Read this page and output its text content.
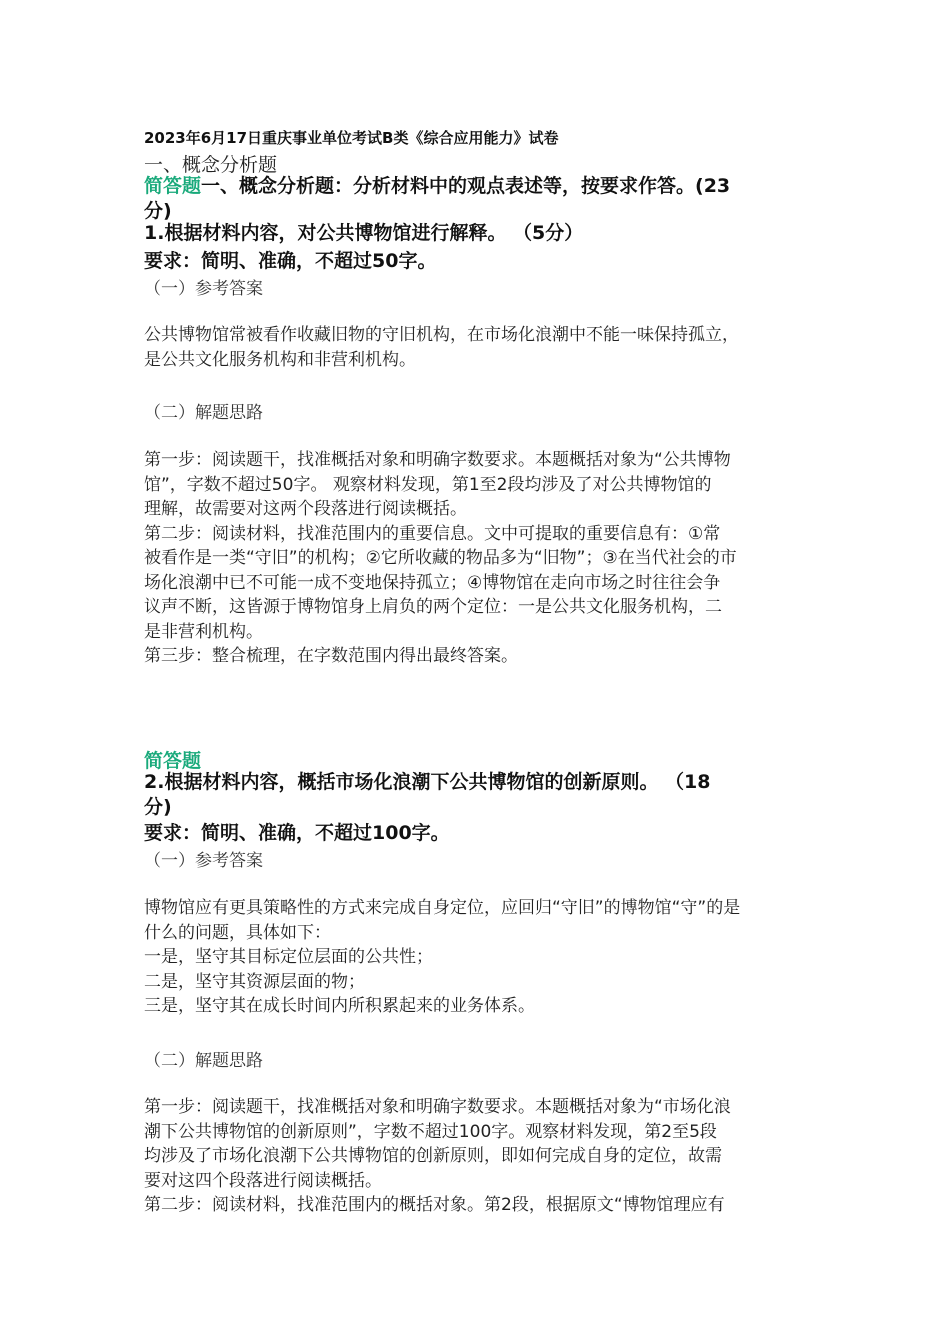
2023年6月17日重庆事业单位考试B类《综合应用能力》试卷
一、概念分析题
简答题一、概念分析题：分析材料中的观点表述等，按要求作答。(23
分)
1.根据材料内容，对公共博物馆进行解释。 （5分）
要求：简明、准确，不超过50字。
（一）参考答案
公共博物馆常被看作收藏旧物的守旧机构，在市场化浪潮中不能一味保持孤立，
是公共文化服务机构和非营利机构。
（二）解题思路
第一步：阅读题干，找准概括对象和明确字数要求。本题概括对象为“公共博物
馆”，字数不超过50字。 观察材料发现，第1至2段均涉及了对公共博物馆的
理解，故需要对这两个段落进行阅读概括。
第二步：阅读材料，找准范围内的重要信息。文中可提取的重要信息有：①常
被看作是一类“守旧”的机构；②它所收藏的物品多为“旧物”；③在当代社会的市
场化浪潮中已不可能一成不变地保持孤立；④博物馆在走向市场之时往往会争
议声不断，这皆源于博物馆身上肩负的两个定位：一是公共文化服务机构，二
是非营利机构。
第三步：整合梳理，在字数范围内得出最终答案。
简答题
2.根据材料内容，概括市场化浪潮下公共博物馆的创新原则。 （18
分)
要求：简明、准确，不超过100字。
（一）参考答案
博物馆应有更具策略性的方式来完成自身定位，应回归“守旧”的博物馆“守”的是
什么的问题，具体如下：
一是，坚守其目标定位层面的公共性；
二是，坚守其资源层面的物；
三是，坚守其在成长时间内所积累起来的业务体系。
（二）解题思路
第一步：阅读题干，找准概括对象和明确字数要求。本题概括对象为“市场化浪
潮下公共博物馆的创新原则”，字数不超过100字。观察材料发现，第2至5段
均涉及了市场化浪潮下公共博物馆的创新原则，即如何完成自身的定位，故需
要对这四个段落进行阅读概括。
第二步：阅读材料，找准范围内的概括对象。第2段，根据原文“博物馆理应有
